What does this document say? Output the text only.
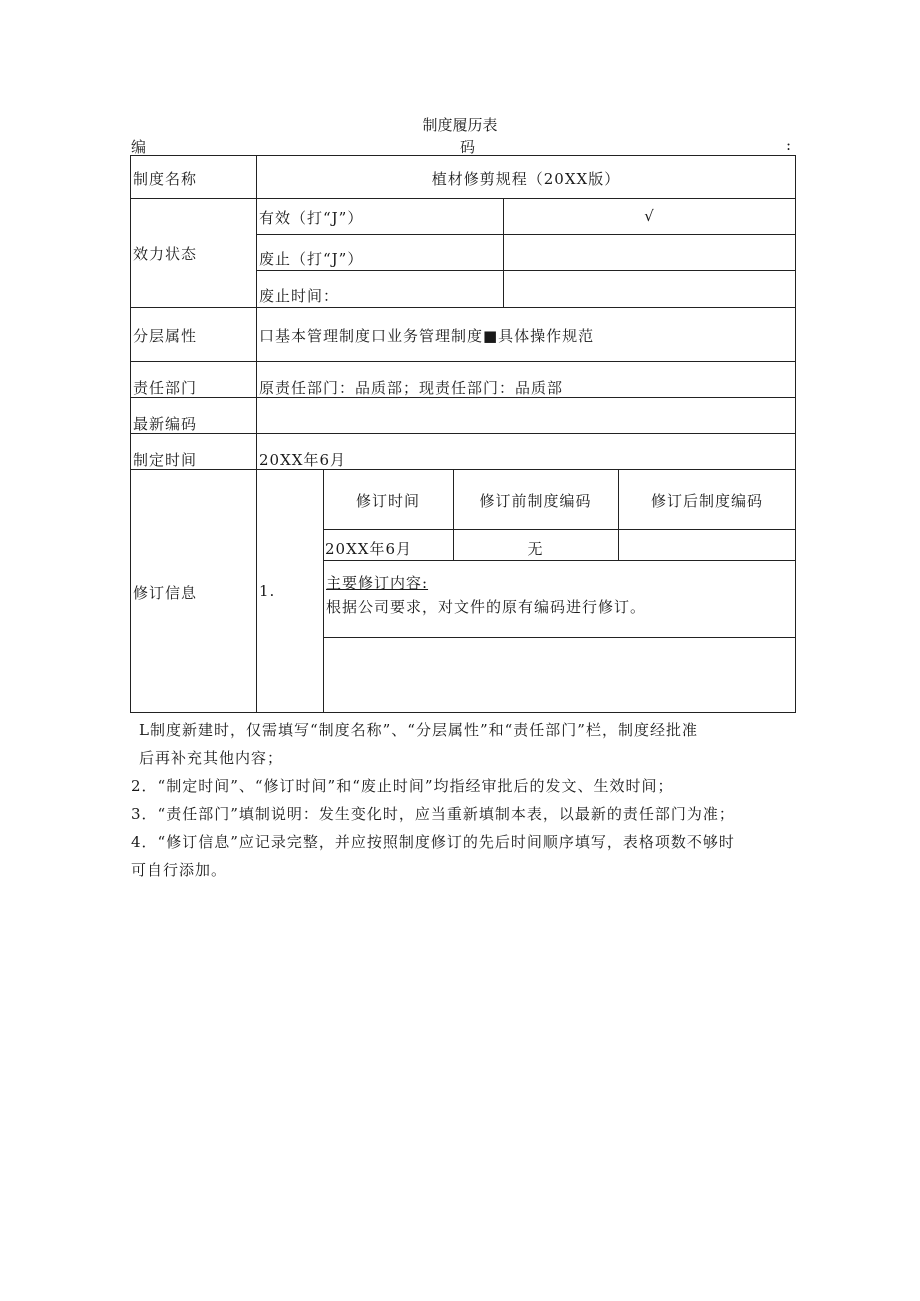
制度履历表
编	码	:
制度名称	植材修剪规程（20XX版）
效力状态
有效（打“J”）	√
废止（打“J”）
废止时间：
分层属性	口基本管理制度口业务管理制度■具体操作规范
责任部门	原责任部门：品质部；现责任部门：品质部
最新编码
制定时间	20XX年6月
修订信息	1.
修订时间	修订前制度编码	修订后制度编码
20XX年6月	无
主要修订内容:
根据公司要求，对文件的原有编码进行修订。

L制度新建时，仅需填写“制度名称”、“分层属性”和“责任部门”栏，制度经批准

后再补充其他内容；

2．“制定时间”、“修订时间”和“废止时间”均指经审批后的发文、生效时间；

3．“责任部门”填制说明：发生变化时，应当重新填制本表，以最新的责任部门为准；

4．“修订信息”应记录完整，并应按照制度修订的先后时间顺序填写，表格项数不够时

可自行添加。
